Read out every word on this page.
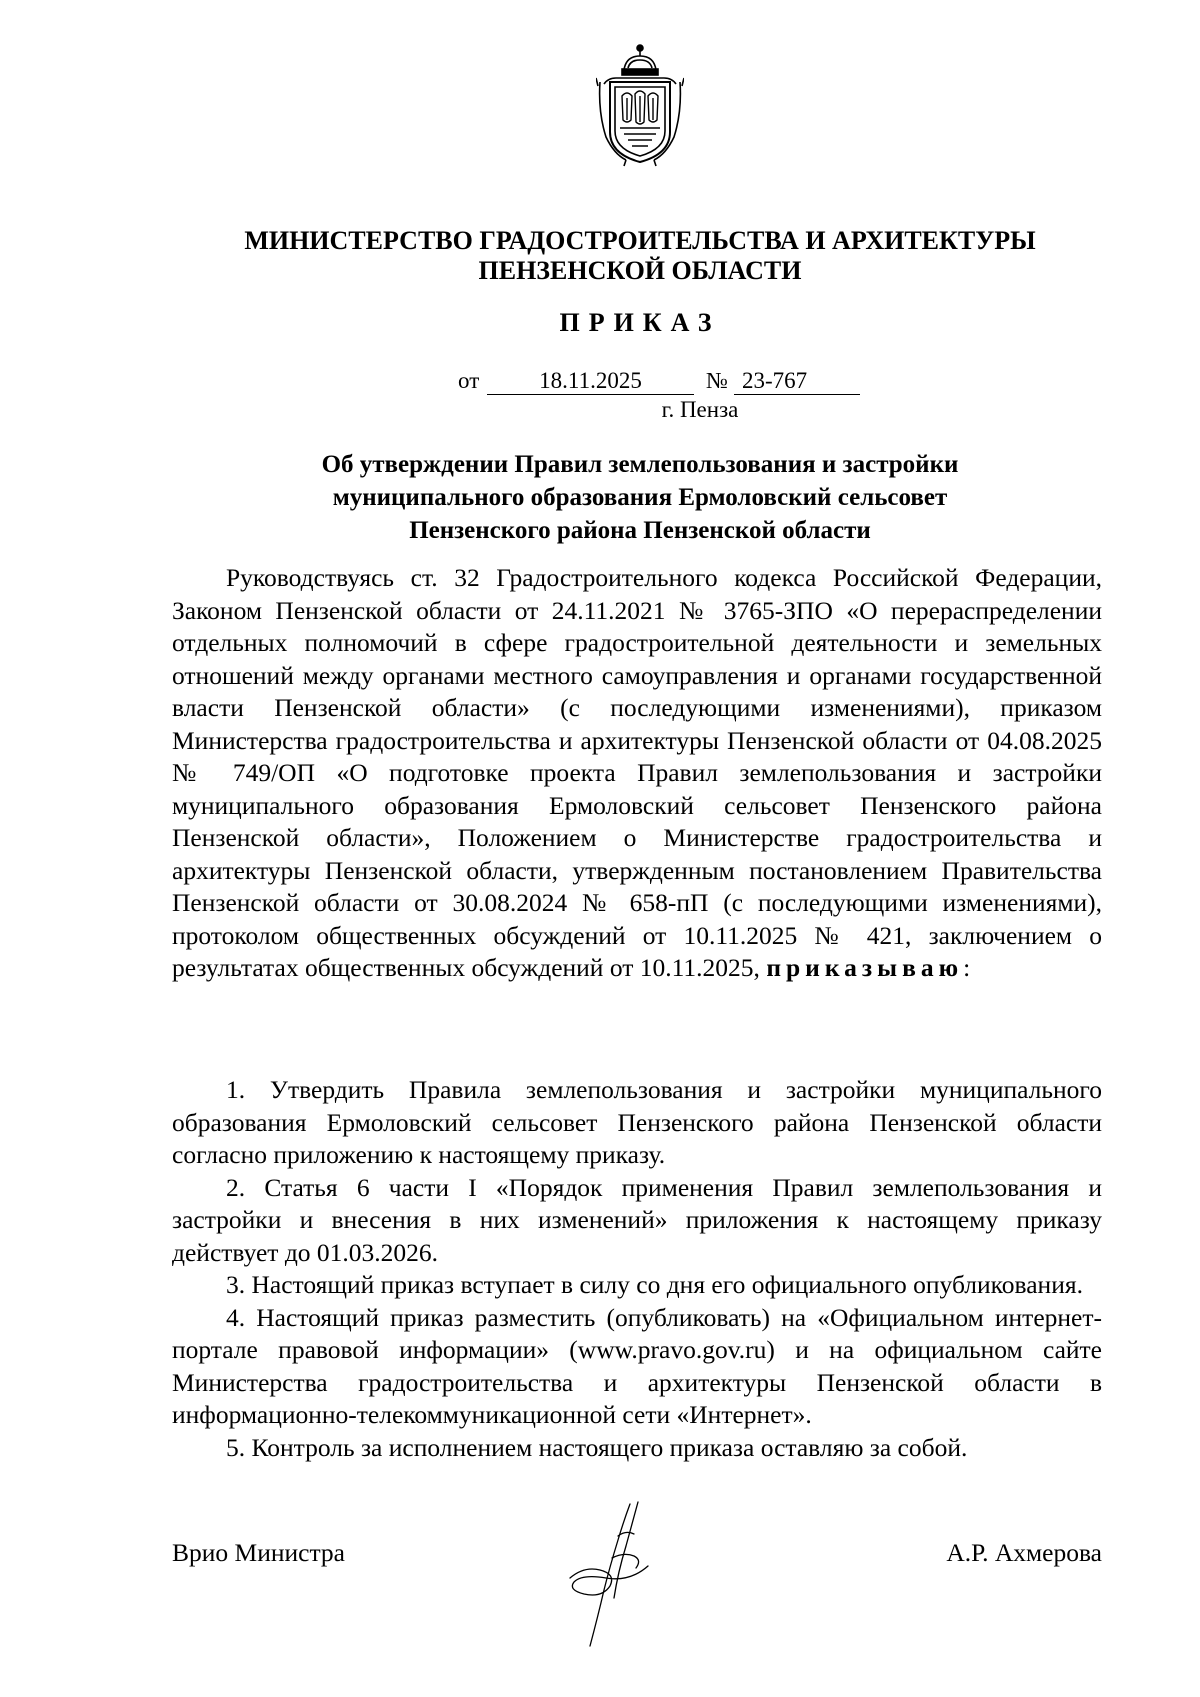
МИНИСТЕРСТВО ГРАДОСТРОИТЕЛЬСТВА И АРХИТЕКТУРЫ
ПЕНЗЕНСКОЙ ОБЛАСТИ
ПРИКАЗ
от	18.11.2025	№ 23-767
г. Пенза
Об утверждении Правил землепользования и застройки
муниципального образования Ермоловский сельсовет
Пензенского района Пензенской области
Руководствуясь ст. 32 Градостроительного кодекса Российской Федерации, Законом Пензенской области от 24.11.2021 № 3765-ЗПО «О перераспределении отдельных полномочий в сфере градостроительной деятельности и земельных отношений между органами местного самоуправления и органами государственной власти Пензенской области» (с последующими изменениями), приказом Министерства градостроительства и архитектуры Пензенской области от 04.08.2025 № 749/ОП «О подготовке проекта Правил землепользования и застройки муниципального образования Ермоловский сельсовет Пензенского района Пензенской области», Положением о Министерстве градостроительства и архитектуры Пензенской области, утвержденным постановлением Правительства Пензенской области от 30.08.2024 № 658-пП (с последующими изменениями), протоколом общественных обсуждений от 10.11.2025 № 421, заключением о результатах общественных обсуждений от 10.11.2025, приказываю:

1. Утвердить Правила землепользования и застройки муниципального образования Ермоловский сельсовет Пензенского района Пензенской области согласно приложению к настоящему приказу.

2. Статья 6 части I «Порядок применения Правил землепользования и застройки и внесения в них изменений» приложения к настоящему приказу действует до 01.03.2026.

3. Настоящий приказ вступает в силу со дня его официального опубликования.

4. Настоящий приказ разместить (опубликовать) на «Официальном интернет-портале правовой информации» (www.pravo.gov.ru) и на официальном сайте Министерства градостроительства и архитектуры Пензенской области в информационно-телекоммуникационной сети «Интернет».

5. Контроль за исполнением настоящего приказа оставляю за собой.

Врио Министра	А.Р. Ахмерова
